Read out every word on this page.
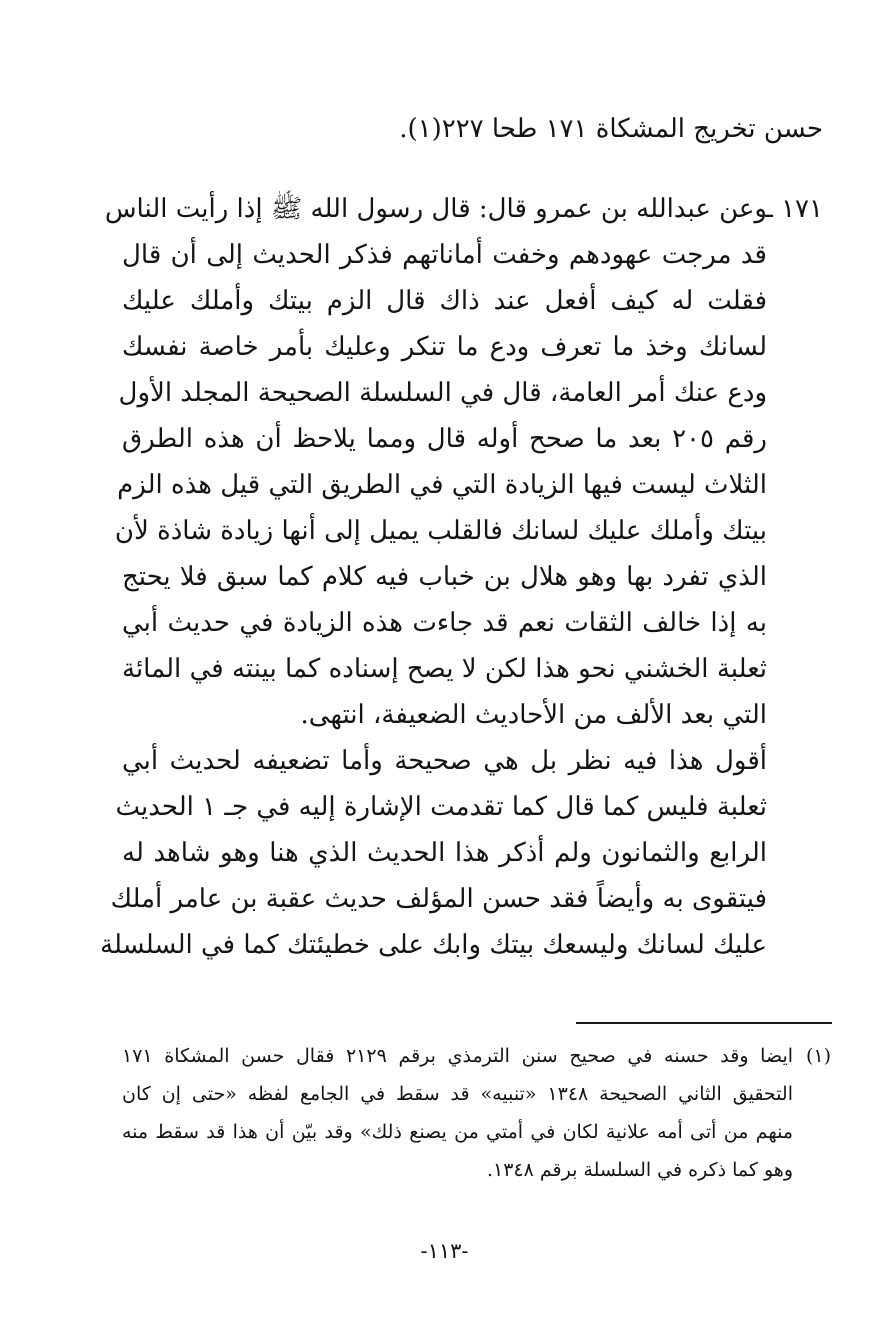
حسن تخريج المشكاة ١٧١ طحا ٢٢٧(١).
١٧١ ـ
وعن عبدالله بن عمرو قال: قال رسول الله ﷺ إذا رأيت الناس
قد مرجت عهودهم وخفت أماناتهم فذكر الحديث إلى أن قال
فقلت له كيف أفعل عند ذاك قال الزم بيتك وأملك عليك
لسانك وخذ ما تعرف ودع ما تنكر وعليك بأمر خاصة نفسك
ودع عنك أمر العامة، قال في السلسلة الصحيحة المجلد الأول
رقم ٢٠٥ بعد ما صحح أوله قال ومما يلاحظ أن هذه الطرق
الثلاث ليست فيها الزيادة التي في الطريق التي قيل هذه الزم
بيتك وأملك عليك لسانك فالقلب يميل إلى أنها زيادة شاذة لأن
الذي تفرد بها وهو هلال بن خباب فيه كلام كما سبق فلا يحتج
به إذا خالف الثقات نعم قد جاءت هذه الزيادة في حديث أبي
ثعلبة الخشني نحو هذا لكن لا يصح إسناده كما بينته في المائة
التي بعد الألف من الأحاديث الضعيفة، انتهى.
أقول هذا فيه نظر بل هي صحيحة وأما تضعيفه لحديث أبي
ثعلبة فليس كما قال كما تقدمت الإشارة إليه في جـ ١ الحديث
الرابع والثمانون ولم أذكر هذا الحديث الذي هنا وهو شاهد له
فيتقوى به وأيضاً فقد حسن المؤلف حديث عقبة بن عامر أملك
عليك لسانك وليسعك بيتك وابك على خطيئتك كما في السلسلة
(١)
ايضا وقد حسنه في صحيح سنن الترمذي برقم ٢١٢٩ فقال حسن المشكاة ١٧١
التحقيق الثاني الصحيحة ١٣٤٨ «تنبيه» قد سقط في الجامع لفظه «حتى إن كان
منهم من أتى أمه علانية لكان في أمتي من يصنع ذلك» وقد بيّن أن هذا قد سقط منه
وهو كما ذكره في السلسلة برقم ١٣٤٨.
-١١٣-
